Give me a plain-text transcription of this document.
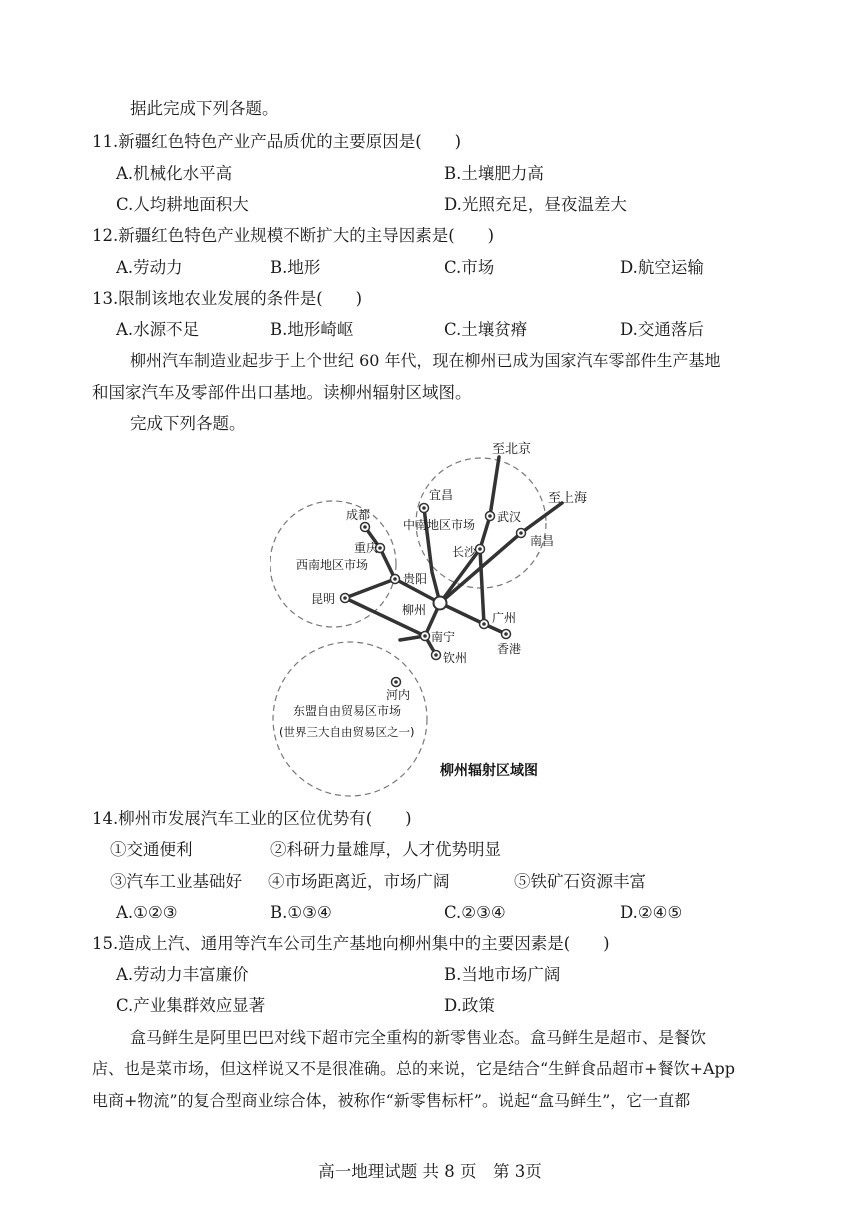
据此完成下列各题。
11.新疆红色特色产业产品质优的主要原因是(　　)
A.机械化水平高	B.土壤肥力高
C.人均耕地面积大	D.光照充足，昼夜温差大
12.新疆红色特色产业规模不断扩大的主导因素是(　　)
A.劳动力	B.地形	C.市场	D.航空运输
13.限制该地农业发展的条件是(　　)
A.水源不足	B.地形崎岖	C.土壤贫瘠	D.交通落后
柳州汽车制造业起步于上个世纪 60 年代，现在柳州已成为国家汽车零部件生产基地
和国家汽车及零部件出口基地。读柳州辐射区域图。
完成下列各题。
至北京
至上海
成都
重庆
西南地区市场
贵阳
昆明
宜昌
中南地区市场
武汉
长沙
南昌
柳州
广州
香港
南宁
钦州
河内
东盟自由贸易区市场
(世界三大自由贸易区之一)
柳州辐射区域图
14.柳州市发展汽车工业的区位优势有(　　)
①交通便利	②科研力量雄厚，人才优势明显
③汽车工业基础好 ④市场距离近，市场广阔	⑤铁矿石资源丰富
A.①②③	B.①③④	C.②③④	D.②④⑤
15.造成上汽、通用等汽车公司生产基地向柳州集中的主要因素是(　　)
A.劳动力丰富廉价	B.当地市场广阔
C.产业集群效应显著	D.政策
盒马鲜生是阿里巴巴对线下超市完全重构的新零售业态。盒马鲜生是超市、是餐饮
店、也是菜市场，但这样说又不是很准确。总的来说，它是结合“生鲜食品超市+餐饮+App
电商+物流”的复合型商业综合体，被称作“新零售标杆”。说起“盒马鲜生”，它一直都
高一地理试题 共 8 页　第 3页
